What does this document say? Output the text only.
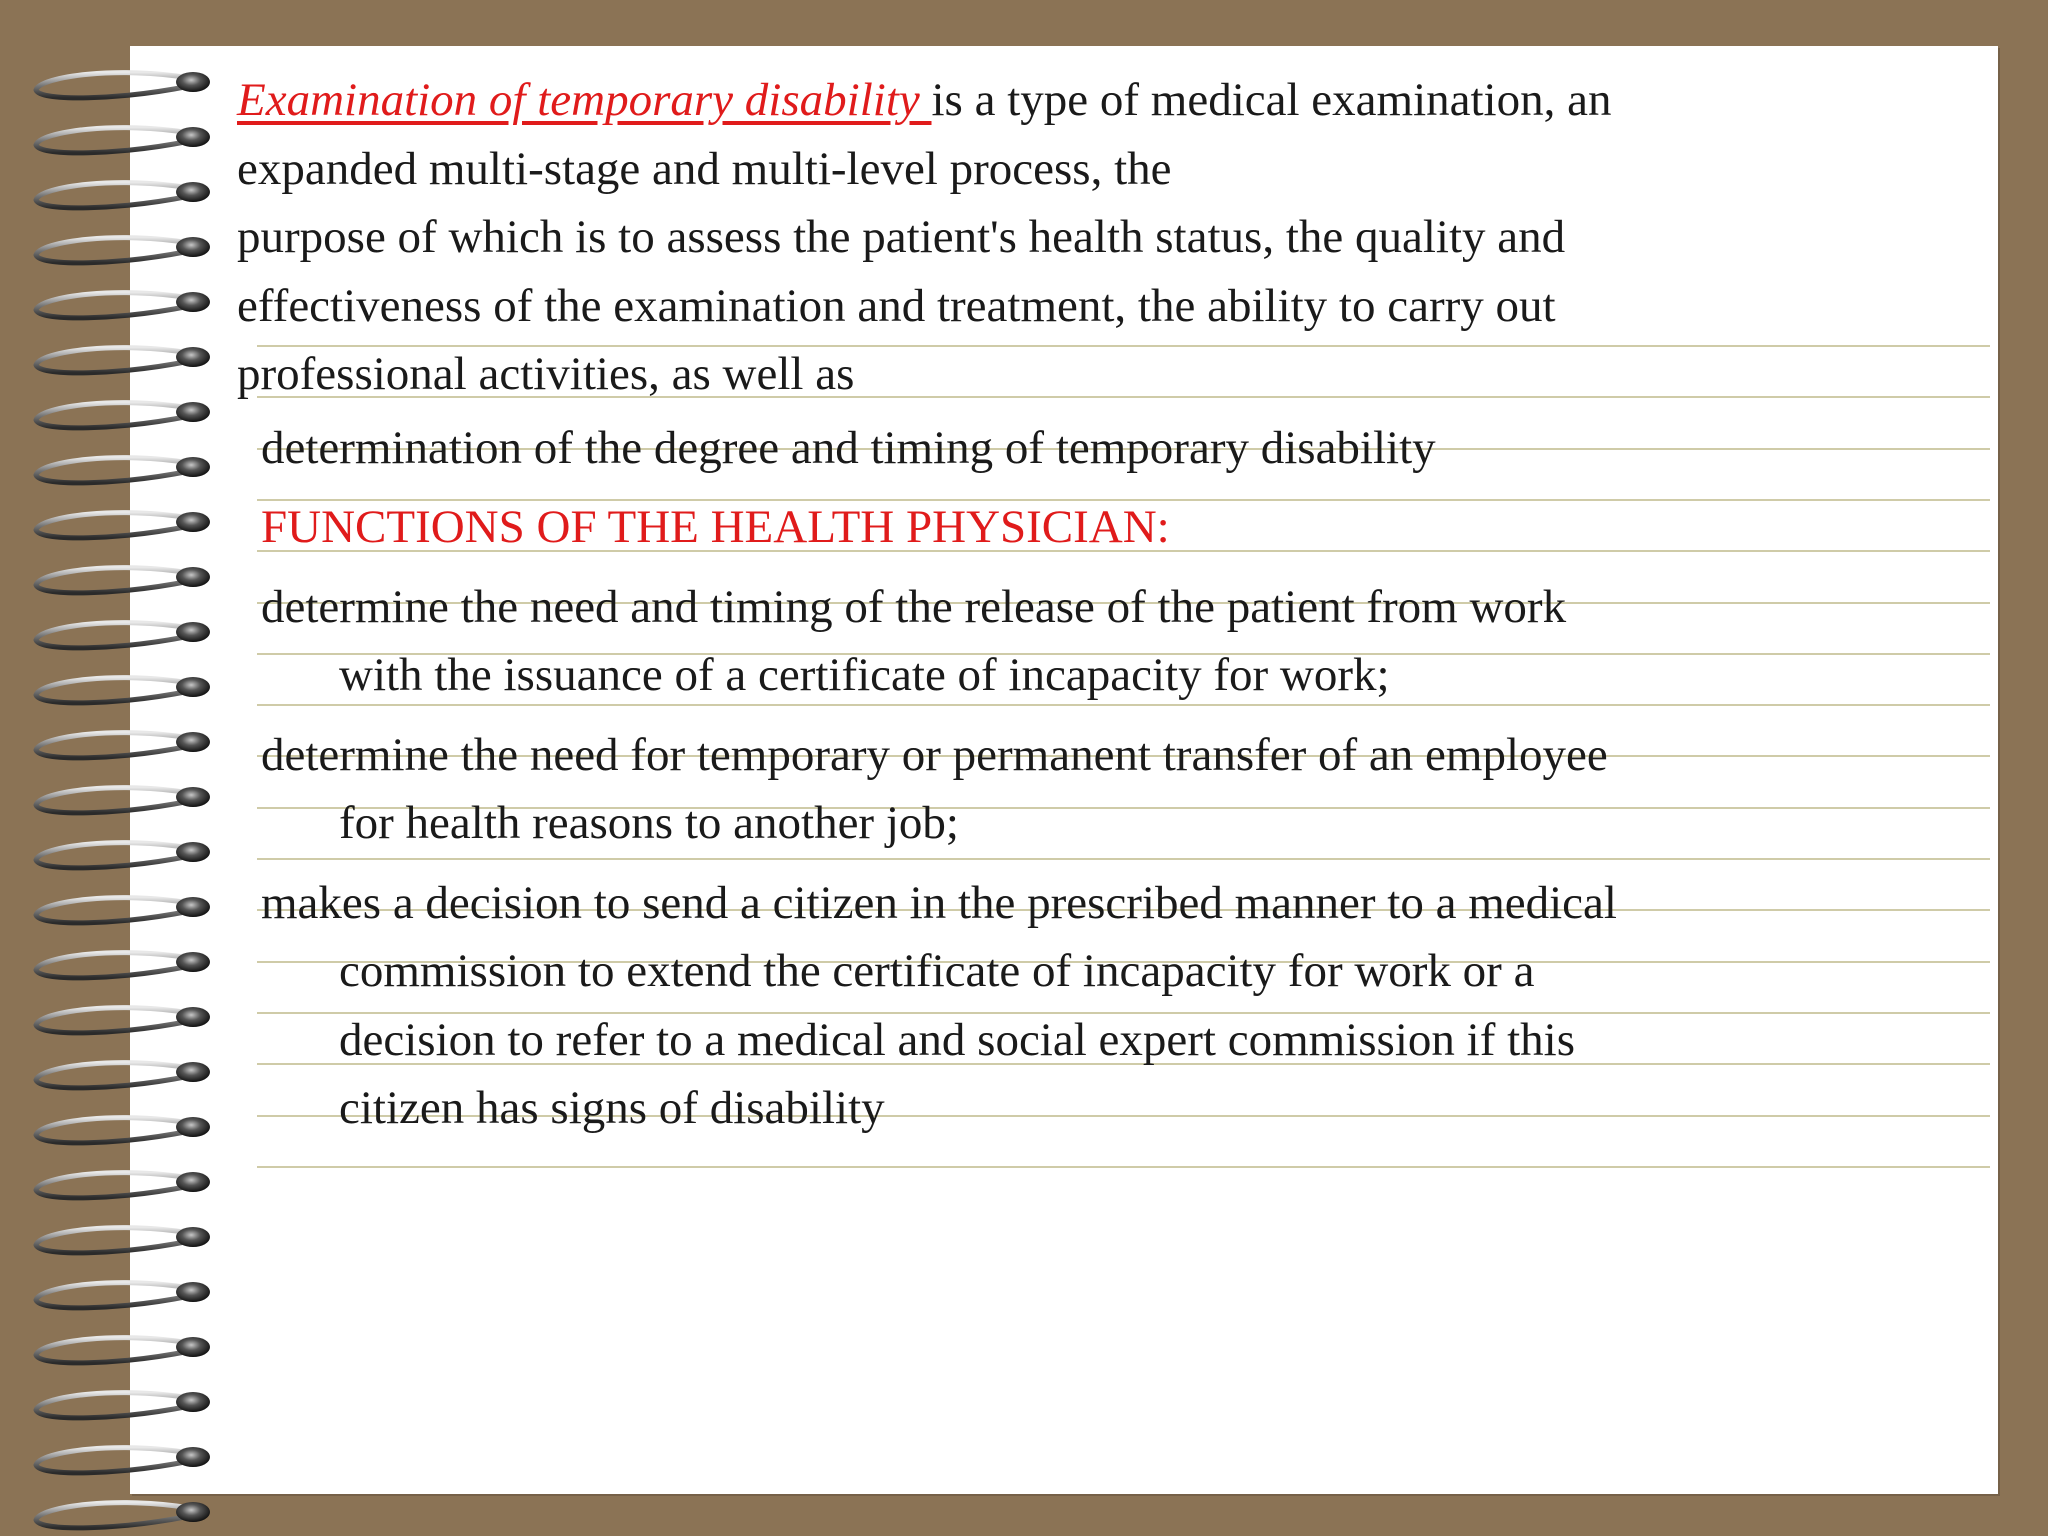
Examination of temporary disability is a type of medical examination, an
expanded multi-stage and multi-level process, the
purpose of which is to assess the patient's health status, the quality and
effectiveness of the examination and treatment, the ability to carry out
professional activities, as well as

determination of the degree and timing of temporary disability

FUNCTIONS OF THE HEALTH PHYSICIAN:

determine the need and timing of the release of the patient from work
with the issuance of a certificate of incapacity for work;

determine the need for temporary or permanent transfer of an employee
for health reasons to another job;

makes a decision to send a citizen in the prescribed manner to a medical
commission to extend the certificate of incapacity for work or a
decision to refer to a medical and social expert commission if this
citizen has signs of disability
